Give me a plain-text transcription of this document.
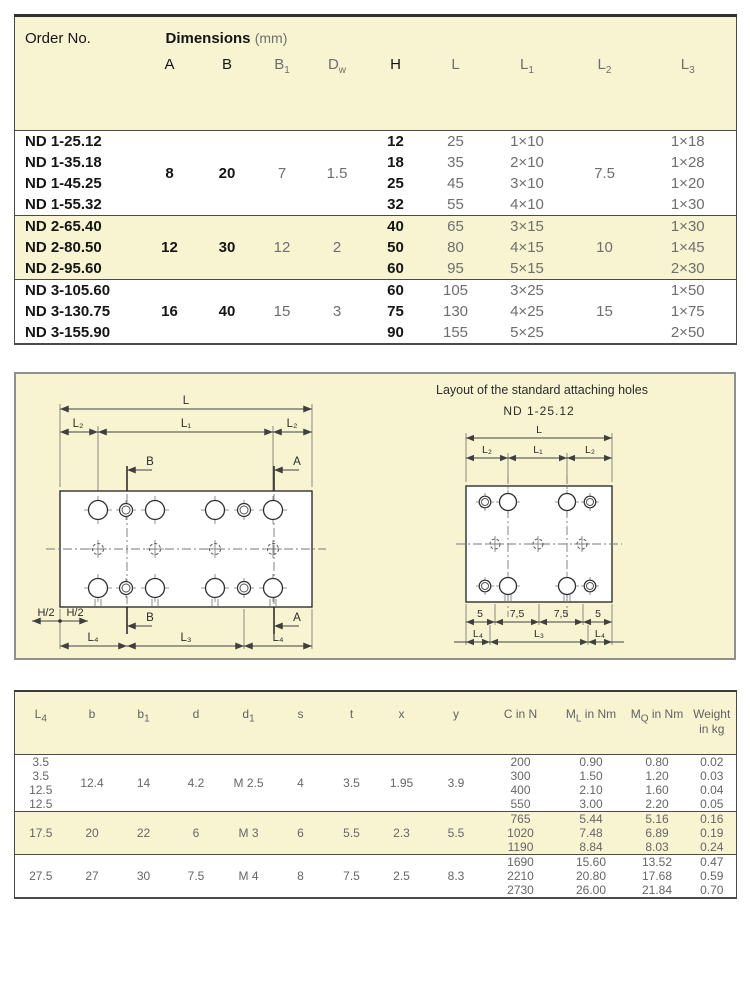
Order No.	Dimensions (mm)								
	A	B	$B_1$	$D_w$	H	L	$L_1$	$L_2$	$L_3$
ND 1-25.12	8	20	7	1.5	12	25	1×10	7.5	1×18
ND 1-35.18					18	35	2×10		1×28
ND 1-45.25					25	45	3×10		1×20
ND 1-55.32					32	55	4×10		1×30
ND 2-65.40	12	30	12	2	40	65	3×15	10	1×30
ND 2-80.50					50	80	4×15		1×45
ND 2-95.60					60	95	5×15		2×30
ND 3-105.60	16	40	15	3	60	105	3×25	15	1×50
ND 3-130.75					75	130	4×25		1×75
ND 3-155.90					90	155	5×25		2×50
Layout of the standard attaching holes
L
L₂	L₁	L₂
B	A
H/2 H/2	B	A
L₄	L₃	L₄
ND 1-25.12
L
L₂	L₁	L₂
5	7,5	7,5	5
L₄	L₃	L₄
$L_4$	b	$b_1$	d	$d_1$	s	t	x	y	C in N	$M_L$ in Nm	$M_Q$ in Nm	Weight
in kg

3.5	12.4	14	4.2	M 2.5	4	3.5	1.95	3.9	200	0.90	0.80	0.02
3.5									300	1.50	1.20	0.03
12.5									400	2.10	1.60	0.04
12.5									550	3.00	2.20	0.05
17.5	20	22	6	M 3	6	5.5	2.3	5.5	765	5.44	5.16	0.16
									1020	7.48	6.89	0.19
									1190	8.84	8.03	0.24
27.5	27	30	7.5	M 4	8	7.5	2.5	8.3	1690	15.60	13.52	0.47
									2210	20.80	17.68	0.59
									2730	26.00	21.84	0.70
